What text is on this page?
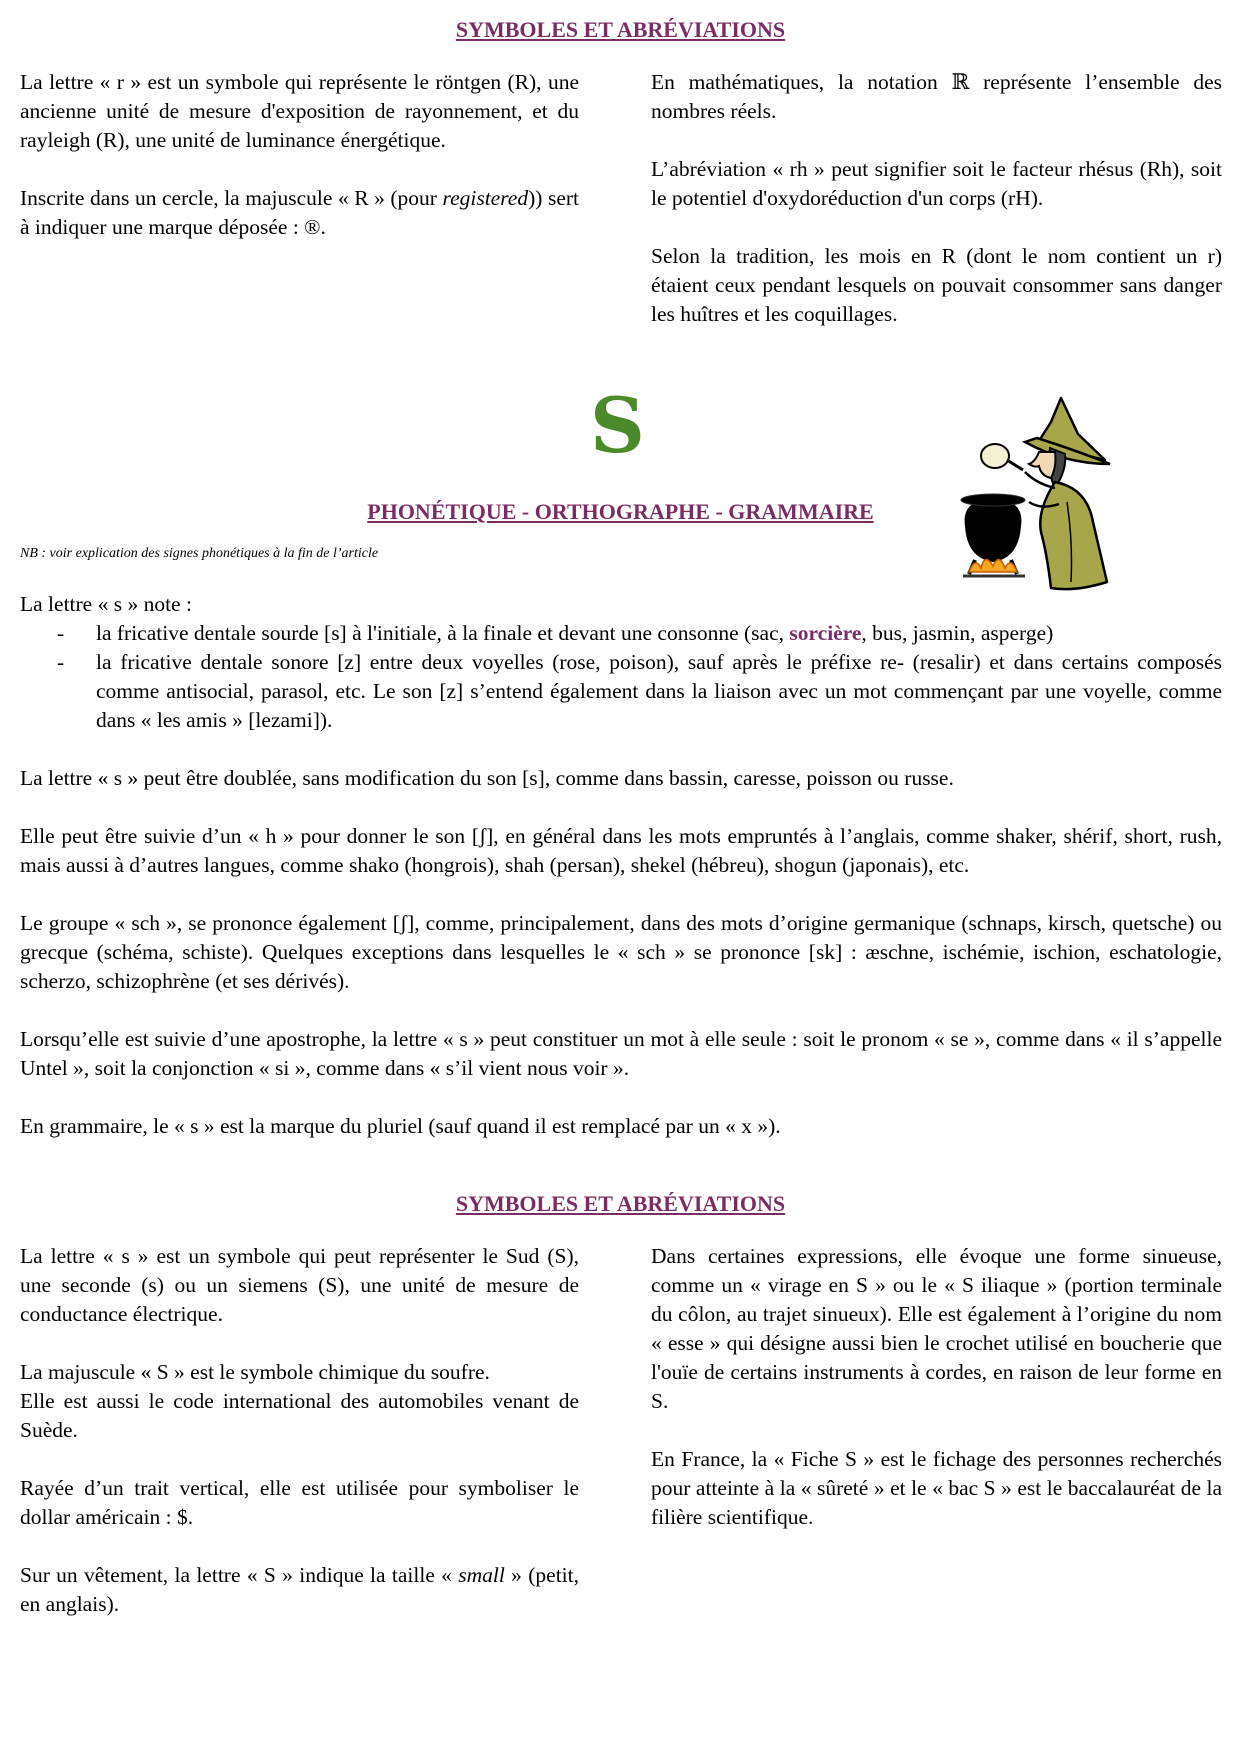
SYMBOLES ET ABRÉVIATIONS

La lettre « r » est un symbole qui représente le röntgen (R), une ancienne unité de mesure d'exposition de rayonnement, et du rayleigh (R), une unité de luminance énergétique.

Inscrite dans un cercle, la majuscule « R » (pour registered)) sert à indiquer une marque déposée : ®.

En mathématiques, la notation ℝ représente l’ensemble des nombres réels.

L’abréviation « rh » peut signifier soit le facteur rhésus (Rh), soit le potentiel d'oxydoréduction d'un corps (rH).

Selon la tradition, les mois en R (dont le nom contient un r) étaient ceux pendant lesquels on pouvait consommer sans danger les huîtres et les coquillages.

S
PHONÉTIQUE - ORTHOGRAPHE - GRAMMAIRE
NB : voir explication des signes phonétiques à la fin de l’article
La lettre « s » note :
- la fricative dentale sourde [s] à l'initiale, à la finale et devant une consonne (sac, sorcière, bus, jasmin, asperge)
- la fricative dentale sonore [z] entre deux voyelles (rose, poison), sauf après le préfixe re- (resalir) et dans certains composés comme antisocial, parasol, etc. Le son [z] s’entend également dans la liaison avec un mot commençant par une voyelle, comme dans « les amis » [lezami]).

La lettre « s » peut être doublée, sans modification du son [s], comme dans bassin, caresse, poisson ou russe.

Elle peut être suivie d’un « h » pour donner le son [ʃ], en général dans les mots empruntés à l’anglais, comme shaker, shérif, short, rush, mais aussi à d’autres langues, comme shako (hongrois), shah (persan), shekel (hébreu), shogun (japonais), etc.

Le groupe « sch », se prononce également [ʃ], comme, principalement, dans des mots d’origine germanique (schnaps, kirsch, quetsche) ou grecque (schéma, schiste). Quelques exceptions dans lesquelles le « sch » se prononce [sk] : æschne, ischémie, ischion, eschatologie, scherzo, schizophrène (et ses dérivés).

Lorsqu’elle est suivie d’une apostrophe, la lettre « s » peut constituer un mot à elle seule : soit le pronom « se », comme dans « il s’appelle Untel », soit la conjonction « si », comme dans « s’il vient nous voir ».

En grammaire, le « s » est la marque du pluriel (sauf quand il est remplacé par un « x »).

SYMBOLES ET ABRÉVIATIONS

La lettre « s » est un symbole qui peut représenter le Sud (S), une seconde (s) ou un siemens (S), une unité de mesure de conductance électrique.

La majuscule « S » est le symbole chimique du soufre.
Elle est aussi le code international des automobiles venant de Suède.

Rayée d’un trait vertical, elle est utilisée pour symboliser le dollar américain : $.

Sur un vêtement, la lettre « S » indique la taille « small » (petit, en anglais).

Dans certaines expressions, elle évoque une forme sinueuse, comme un « virage en S » ou le « S iliaque » (portion terminale du côlon, au trajet sinueux). Elle est également à l’origine du nom « esse » qui désigne aussi bien le crochet utilisé en boucherie que l'ouïe de certains instruments à cordes, en raison de leur forme en S.

En France, la « Fiche S » est le fichage des personnes recherchés pour atteinte à la « sûreté » et le « bac S » est le baccalauréat de la filière scientifique.
